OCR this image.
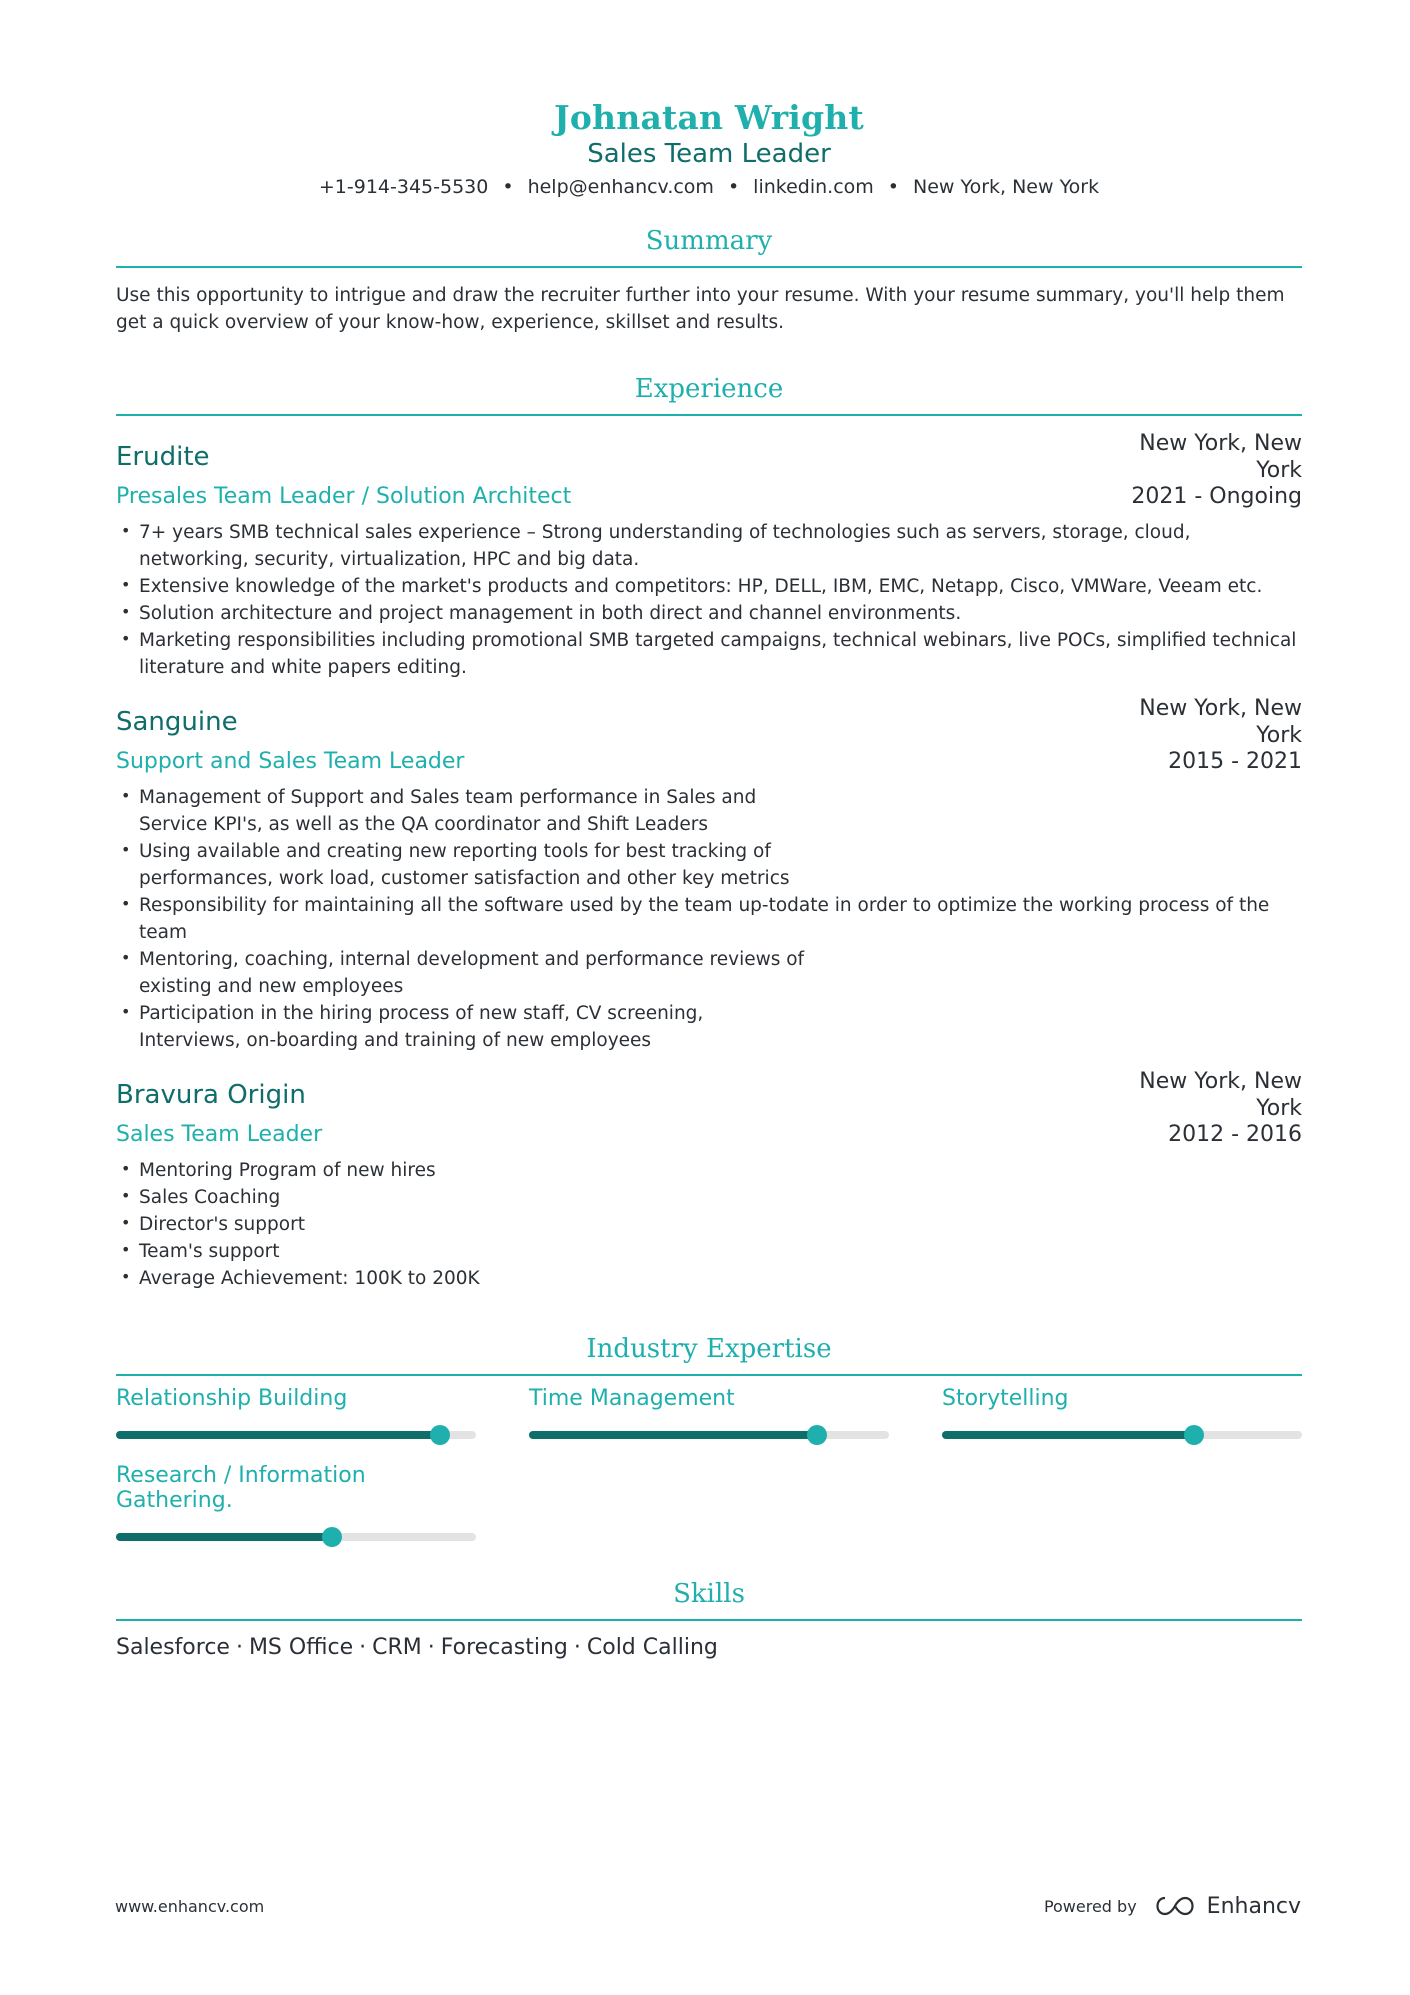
Johnatan Wright
Sales Team Leader
+1-914-345-5530 • help@enhancv.com • linkedin.com • New York, New York
Summary
Use this opportunity to intrigue and draw the recruiter further into your resume. With your resume summary, you'll help them get a quick overview of your know-how, experience, skillset and results.
Experience
Erudite	New York, New York
Presales Team Leader / Solution Architect	2021 - Ongoing
• 7+ years SMB technical sales experience – Strong understanding of technologies such as servers, storage, cloud, networking, security, virtualization, HPC and big data.
• Extensive knowledge of the market's products and competitors: HP, DELL, IBM, EMC, Netapp, Cisco, VMWare, Veeam etc.
• Solution architecture and project management in both direct and channel environments.
• Marketing responsibilities including promotional SMB targeted campaigns, technical webinars, live POCs, simplified technical literature and white papers editing.
Sanguine	New York, New York
Support and Sales Team Leader	2015 - 2021
• Management of Support and Sales team performance in Sales and Service KPI's, as well as the QA coordinator and Shift Leaders
• Using available and creating new reporting tools for best tracking of performances, work load, customer satisfaction and other key metrics
• Responsibility for maintaining all the software used by the team up-todate in order to optimize the working process of the team
• Mentoring, coaching, internal development and performance reviews of existing and new employees
• Participation in the hiring process of new staff, CV screening, Interviews, on-boarding and training of new employees
Bravura Origin	New York, New York
Sales Team Leader	2012 - 2016
• Mentoring Program of new hires
• Sales Coaching
• Director's support
• Team's support
• Average Achievement: 100K to 200K
Industry Expertise
Relationship Building	Time Management	Storytelling
Research / Information Gathering.
Skills
Salesforce · MS Office · CRM · Forecasting · Cold Calling
www.enhancv.com	Powered by	Enhancv
